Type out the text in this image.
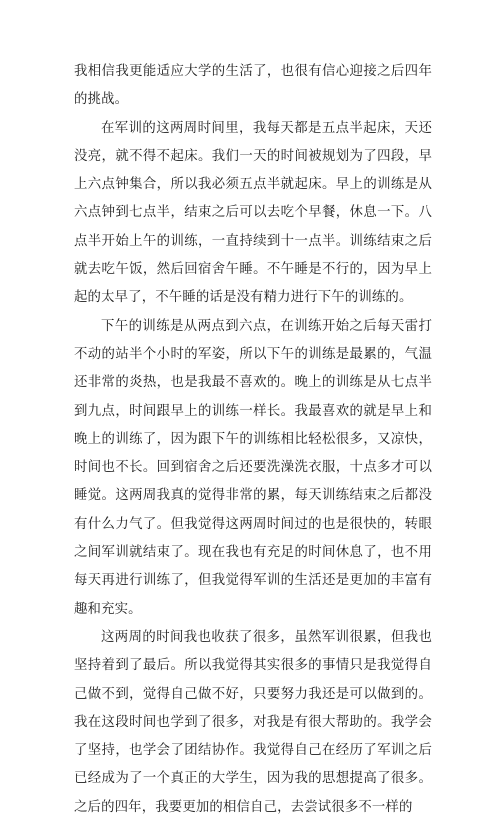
我相信我更能适应大学的生活了，也很有信心迎接之后四年的挑战。

在军训的这两周时间里，我每天都是五点半起床，天还没亮，就不得不起床。我们一天的时间被规划为了四段，早上六点钟集合，所以我必须五点半就起床。早上的训练是从六点钟到七点半，结束之后可以去吃个早餐，休息一下。八点半开始上午的训练，一直持续到十一点半。训练结束之后就去吃午饭，然后回宿舍午睡。不午睡是不行的，因为早上起的太早了，不午睡的话是没有精力进行下午的训练的。

下午的训练是从两点到六点，在训练开始之后每天雷打不动的站半个小时的军姿，所以下午的训练是最累的，气温还非常的炎热，也是我最不喜欢的。晚上的训练是从七点半到九点，时间跟早上的训练一样长。我最喜欢的就是早上和晚上的训练了，因为跟下午的训练相比轻松很多，又凉快，时间也不长。回到宿舍之后还要洗澡洗衣服，十点多才可以睡觉。这两周我真的觉得非常的累，每天训练结束之后都没有什么力气了。但我觉得这两周时间过的也是很快的，转眼之间军训就结束了。现在我也有充足的时间休息了，也不用每天再进行训练了，但我觉得军训的生活还是更加的丰富有趣和充实。

这两周的时间我也收获了很多，虽然军训很累，但我也坚持着到了最后。所以我觉得其实很多的事情只是我觉得自己做不到，觉得自己做不好，只要努力我还是可以做到的。我在这段时间也学到了很多，对我是有很大帮助的。我学会了坚持，也学会了团结协作。我觉得自己在经历了军训之后已经成为了一个真正的大学生，因为我的思想提高了很多。之后的四年，我要更加的相信自己，去尝试很多不一样的
